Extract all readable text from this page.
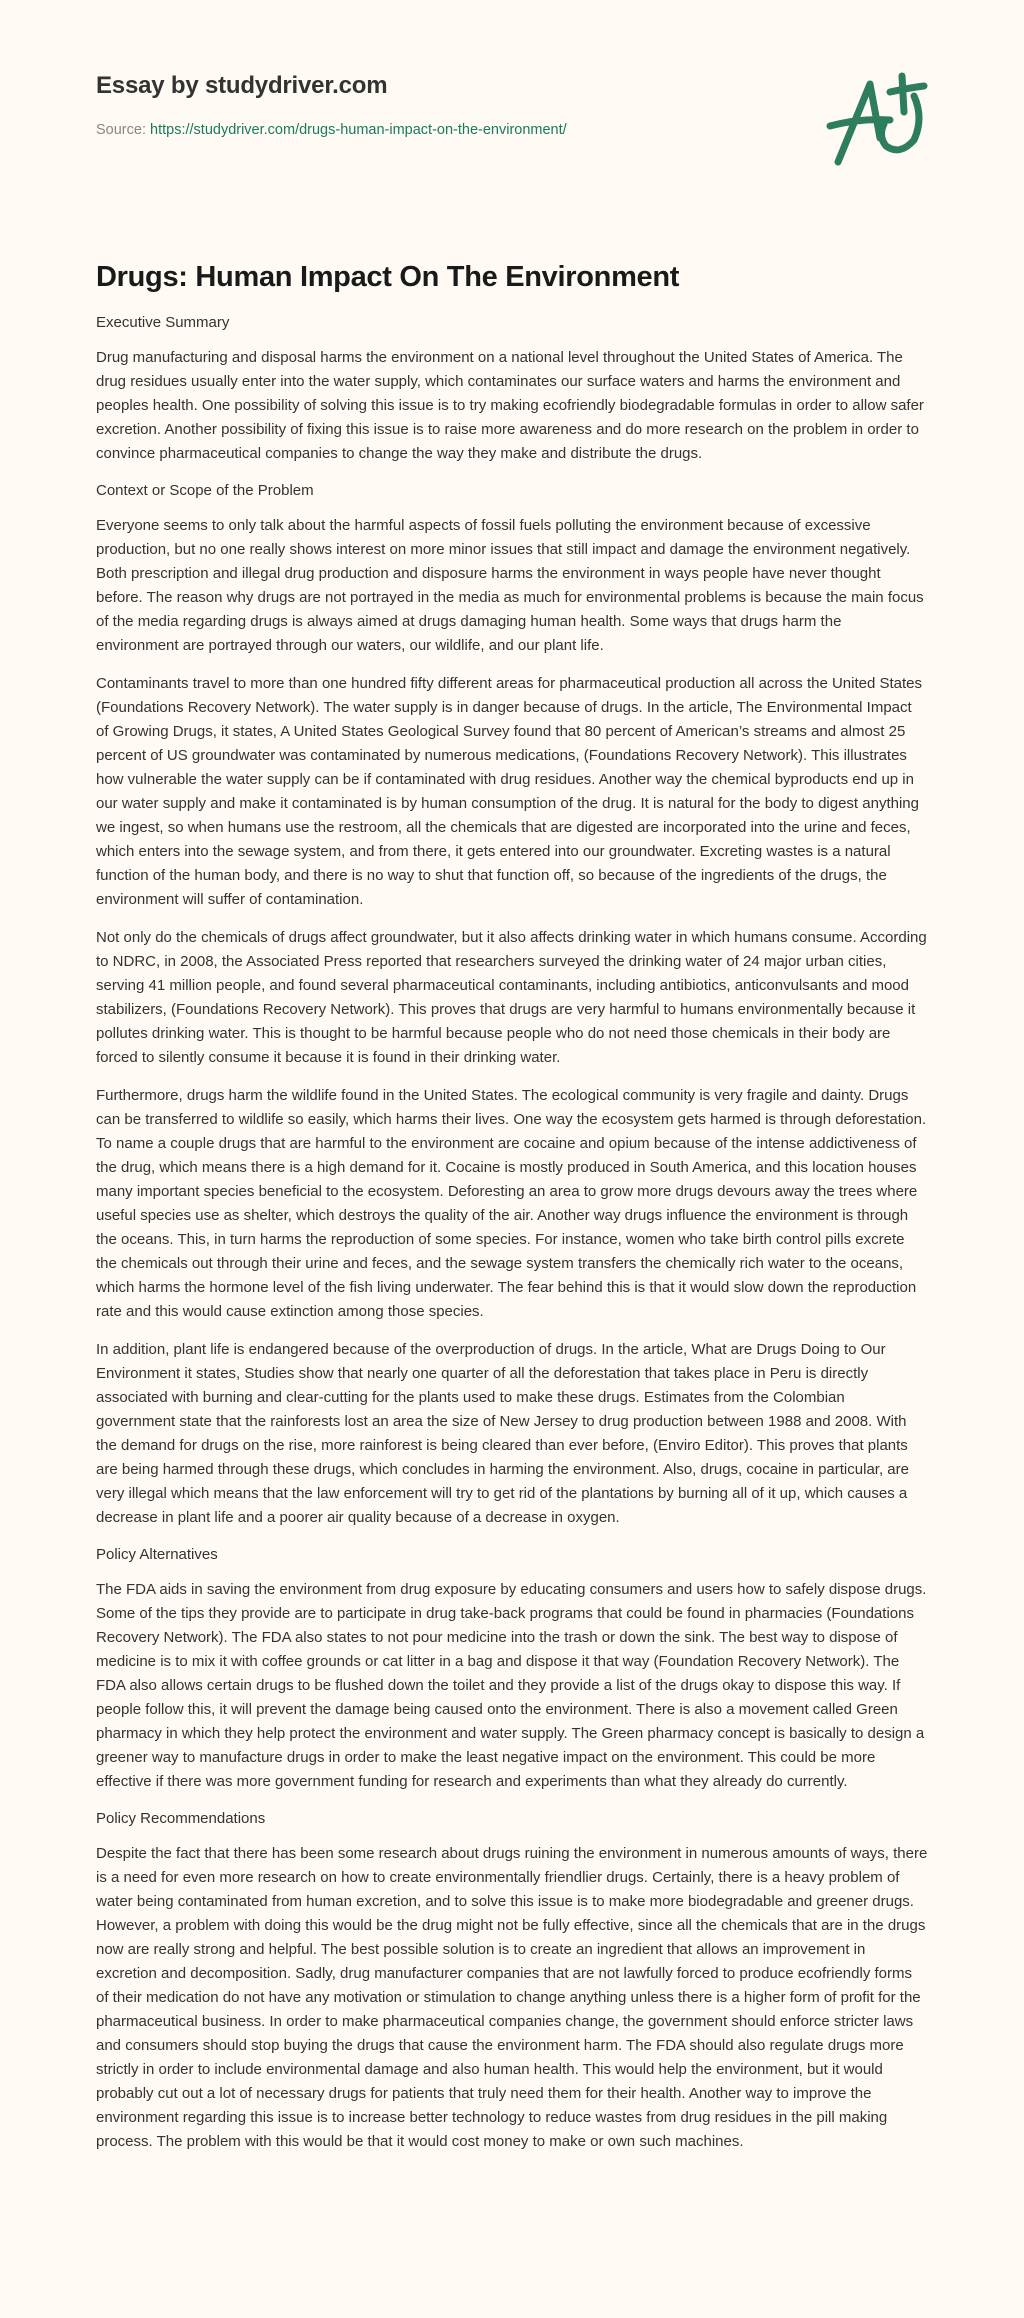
Essay by studydriver.com

Source: https://studydriver.com/drugs-human-impact-on-the-environment/

Drugs: Human Impact On The Environment

Executive Summary

Drug manufacturing and disposal harms the environment on a national level throughout the United States of America. The drug residues usually enter into the water supply, which contaminates our surface waters and harms the environment and peoples health. One possibility of solving this issue is to try making ecofriendly biodegradable formulas in order to allow safer excretion. Another possibility of fixing this issue is to raise more awareness and do more research on the problem in order to convince pharmaceutical companies to change the way they make and distribute the drugs.

Context or Scope of the Problem

Everyone seems to only talk about the harmful aspects of fossil fuels polluting the environment because of excessive production, but no one really shows interest on more minor issues that still impact and damage the environment negatively. Both prescription and illegal drug production and disposure harms the environment in ways people have never thought before. The reason why drugs are not portrayed in the media as much for environmental problems is because the main focus of the media regarding drugs is always aimed at drugs damaging human health. Some ways that drugs harm the environment are portrayed through our waters, our wildlife, and our plant life.

Contaminants travel to more than one hundred fifty different areas for pharmaceutical production all across the United States (Foundations Recovery Network). The water supply is in danger because of drugs. In the article, The Environmental Impact of Growing Drugs, it states, A United States Geological Survey found that 80 percent of American’s streams and almost 25 percent of US groundwater was contaminated by numerous medications, (Foundations Recovery Network). This illustrates how vulnerable the water supply can be if contaminated with drug residues. Another way the chemical byproducts end up in our water supply and make it contaminated is by human consumption of the drug. It is natural for the body to digest anything we ingest, so when humans use the restroom, all the chemicals that are digested are incorporated into the urine and feces, which enters into the sewage system, and from there, it gets entered into our groundwater. Excreting wastes is a natural function of the human body, and there is no way to shut that function off, so because of the ingredients of the drugs, the environment will suffer of contamination.

Not only do the chemicals of drugs affect groundwater, but it also affects drinking water in which humans consume. According to NDRC, in 2008, the Associated Press reported that researchers surveyed the drinking water of 24 major urban cities, serving 41 million people, and found several pharmaceutical contaminants, including antibiotics, anticonvulsants and mood stabilizers, (Foundations Recovery Network). This proves that drugs are very harmful to humans environmentally because it pollutes drinking water. This is thought to be harmful because people who do not need those chemicals in their body are forced to silently consume it because it is found in their drinking water.

Furthermore, drugs harm the wildlife found in the United States. The ecological community is very fragile and dainty. Drugs can be transferred to wildlife so easily, which harms their lives. One way the ecosystem gets harmed is through deforestation. To name a couple drugs that are harmful to the environment are cocaine and opium because of the intense addictiveness of the drug, which means there is a high demand for it. Cocaine is mostly produced in South America, and this location houses many important species beneficial to the ecosystem. Deforesting an area to grow more drugs devours away the trees where useful species use as shelter, which destroys the quality of the air. Another way drugs influence the environment is through the oceans. This, in turn harms the reproduction of some species. For instance, women who take birth control pills excrete the chemicals out through their urine and feces, and the sewage system transfers the chemically rich water to the oceans, which harms the hormone level of the fish living underwater. The fear behind this is that it would slow down the reproduction rate and this would cause extinction among those species.

In addition, plant life is endangered because of the overproduction of drugs. In the article, What are Drugs Doing to Our Environment it states, Studies show that nearly one quarter of all the deforestation that takes place in Peru is directly associated with burning and clear-cutting for the plants used to make these drugs. Estimates from the Colombian government state that the rainforests lost an area the size of New Jersey to drug production between 1988 and 2008. With the demand for drugs on the rise, more rainforest is being cleared than ever before, (Enviro Editor). This proves that plants are being harmed through these drugs, which concludes in harming the environment. Also, drugs, cocaine in particular, are very illegal which means that the law enforcement will try to get rid of the plantations by burning all of it up, which causes a decrease in plant life and a poorer air quality because of a decrease in oxygen.

Policy Alternatives

The FDA aids in saving the environment from drug exposure by educating consumers and users how to safely dispose drugs. Some of the tips they provide are to participate in drug take-back programs that could be found in pharmacies (Foundations Recovery Network). The FDA also states to not pour medicine into the trash or down the sink. The best way to dispose of medicine is to mix it with coffee grounds or cat litter in a bag and dispose it that way (Foundation Recovery Network). The FDA also allows certain drugs to be flushed down the toilet and they provide a list of the drugs okay to dispose this way. If people follow this, it will prevent the damage being caused onto the environment. There is also a movement called Green pharmacy in which they help protect the environment and water supply. The Green pharmacy concept is basically to design a greener way to manufacture drugs in order to make the least negative impact on the environment. This could be more effective if there was more government funding for research and experiments than what they already do currently.

Policy Recommendations

Despite the fact that there has been some research about drugs ruining the environment in numerous amounts of ways, there is a need for even more research on how to create environmentally friendlier drugs. Certainly, there is a heavy problem of water being contaminated from human excretion, and to solve this issue is to make more biodegradable and greener drugs. However, a problem with doing this would be the drug might not be fully effective, since all the chemicals that are in the drugs now are really strong and helpful. The best possible solution is to create an ingredient that allows an improvement in excretion and decomposition. Sadly, drug manufacturer companies that are not lawfully forced to produce ecofriendly forms of their medication do not have any motivation or stimulation to change anything unless there is a higher form of profit for the pharmaceutical business. In order to make pharmaceutical companies change, the government should enforce stricter laws and consumers should stop buying the drugs that cause the environment harm. The FDA should also regulate drugs more strictly in order to include environmental damage and also human health. This would help the environment, but it would probably cut out a lot of necessary drugs for patients that truly need them for their health. Another way to improve the environment regarding this issue is to increase better technology to reduce wastes from drug residues in the pill making process. The problem with this would be that it would cost money to make or own such machines.
